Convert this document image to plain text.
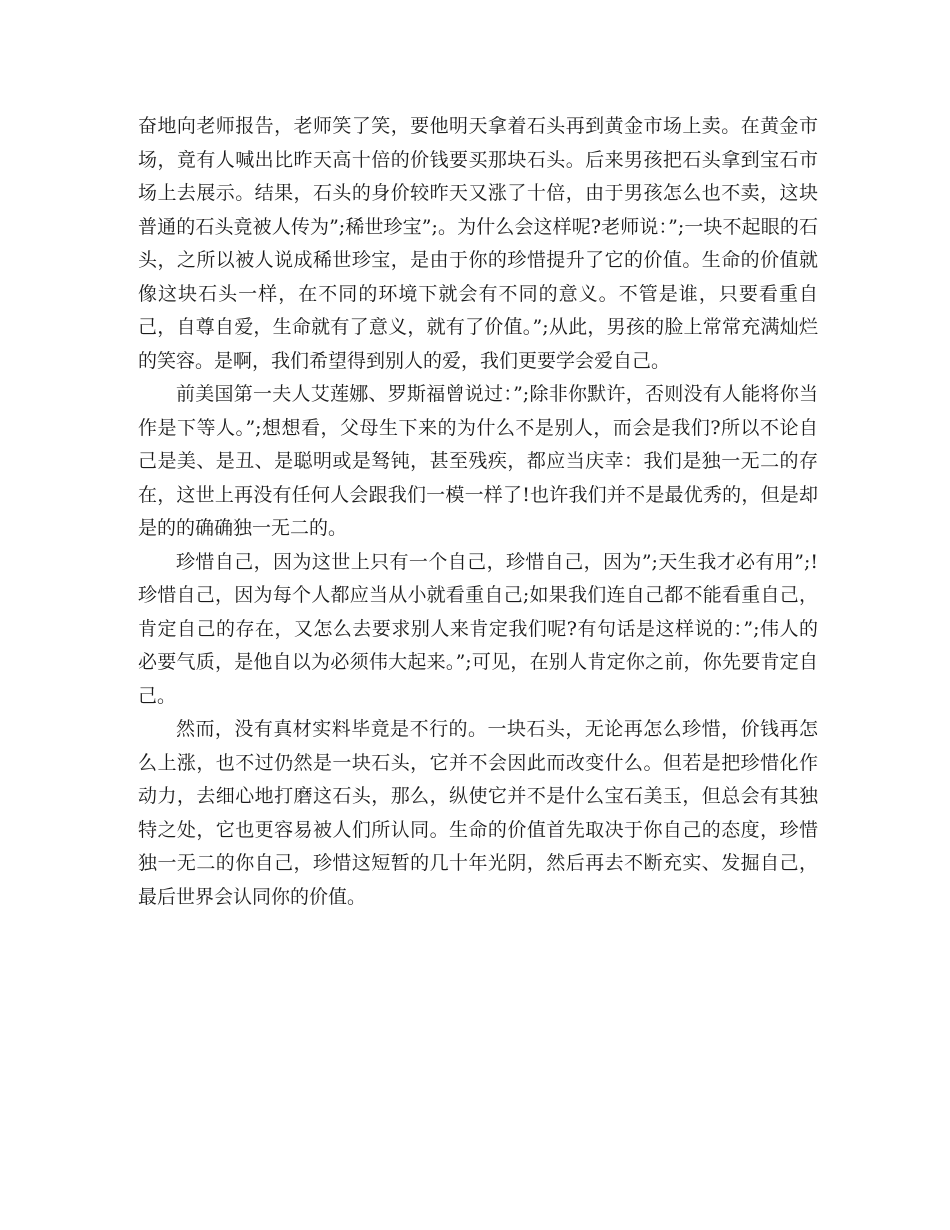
奋地向老师报告，老师笑了笑，要他明天拿着石头再到黄金市场上卖。在黄金市场，竟有人喊出比昨天高十倍的价钱要买那块石头。后来男孩把石头拿到宝石市场上去展示。结果，石头的身价较昨天又涨了十倍，由于男孩怎么也不卖，这块普通的石头竟被人传为”;稀世珍宝”;。为什么会这样呢?老师说：”;一块不起眼的石头，之所以被人说成稀世珍宝，是由于你的珍惜提升了它的价值。生命的价值就像这块石头一样，在不同的环境下就会有不同的意义。不管是谁，只要看重自己，自尊自爱，生命就有了意义，就有了价值。”;从此，男孩的脸上常常充满灿烂的笑容。是啊，我们希望得到别人的爱，我们更要学会爱自己。

前美国第一夫人艾莲娜、罗斯福曾说过：”;除非你默许，否则没有人能将你当作是下等人。”;想想看，父母生下来的为什么不是别人，而会是我们?所以不论自己是美、是丑、是聪明或是驽钝，甚至残疾，都应当庆幸：我们是独一无二的存在，这世上再没有任何人会跟我们一模一样了!也许我们并不是最优秀的，但是却是的的确确独一无二的。

珍惜自己，因为这世上只有一个自己，珍惜自己，因为”;天生我才必有用”;!珍惜自己，因为每个人都应当从小就看重自己;如果我们连自己都不能看重自己，肯定自己的存在，又怎么去要求别人来肯定我们呢?有句话是这样说的：”;伟人的必要气质，是他自以为必须伟大起来。”;可见，在别人肯定你之前，你先要肯定自己。

然而，没有真材实料毕竟是不行的。一块石头，无论再怎么珍惜，价钱再怎么上涨，也不过仍然是一块石头，它并不会因此而改变什么。但若是把珍惜化作动力，去细心地打磨这石头，那么，纵使它并不是什么宝石美玉，但总会有其独特之处，它也更容易被人们所认同。生命的价值首先取决于你自己的态度，珍惜独一无二的你自己，珍惜这短暂的几十年光阴，然后再去不断充实、发掘自己，最后世界会认同你的价值。
